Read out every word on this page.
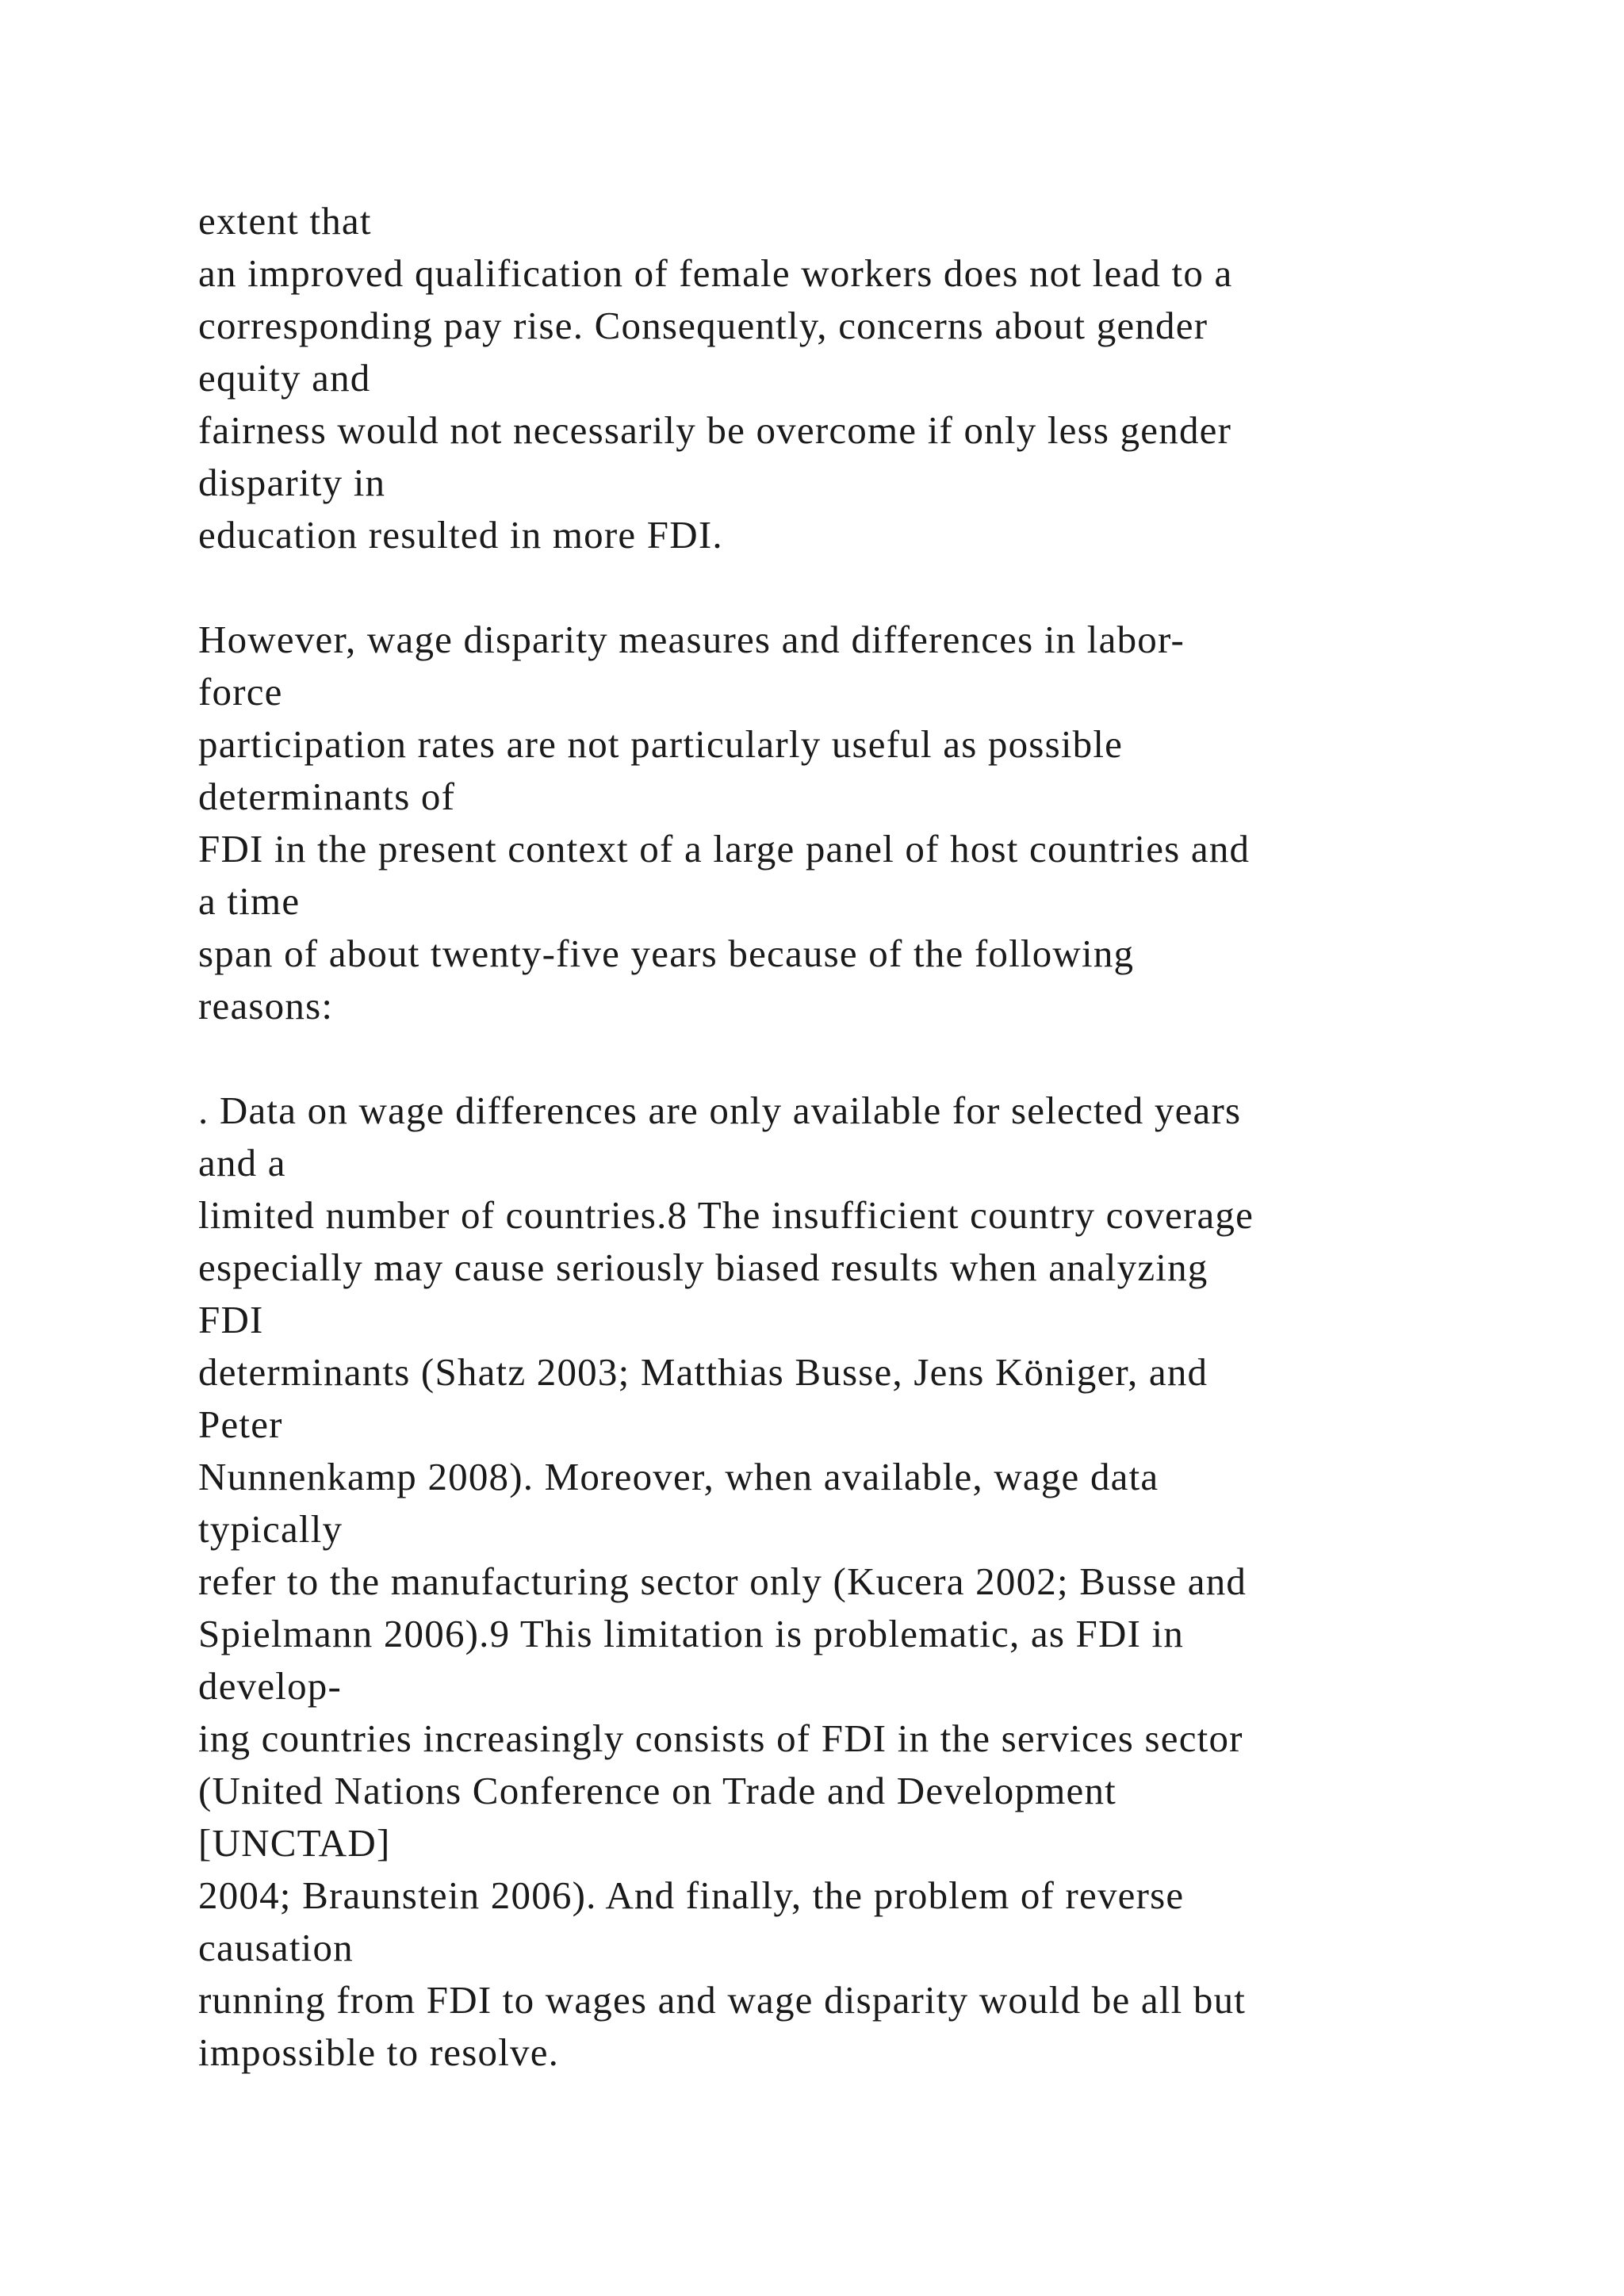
extent that
an improved qualification of female workers does not lead to a
corresponding pay rise. Consequently, concerns about gender
equity and
fairness would not necessarily be overcome if only less gender
disparity in
education resulted in more FDI.
However, wage disparity measures and differences in labor-
force
participation rates are not particularly useful as possible
determinants of
FDI in the present context of a large panel of host countries and
a time
span of about twenty-five years because of the following
reasons:
. Data on wage differences are only available for selected years
and a
limited number of countries.8 The insufficient country coverage
especially may cause seriously biased results when analyzing
FDI
determinants (Shatz 2003; Matthias Busse, Jens Königer, and
Peter
Nunnenkamp 2008). Moreover, when available, wage data
typically
refer to the manufacturing sector only (Kucera 2002; Busse and
Spielmann 2006).9 This limitation is problematic, as FDI in
develop-
ing countries increasingly consists of FDI in the services sector
(United Nations Conference on Trade and Development
[UNCTAD]
2004; Braunstein 2006). And finally, the problem of reverse
causation
running from FDI to wages and wage disparity would be all but
impossible to resolve.
